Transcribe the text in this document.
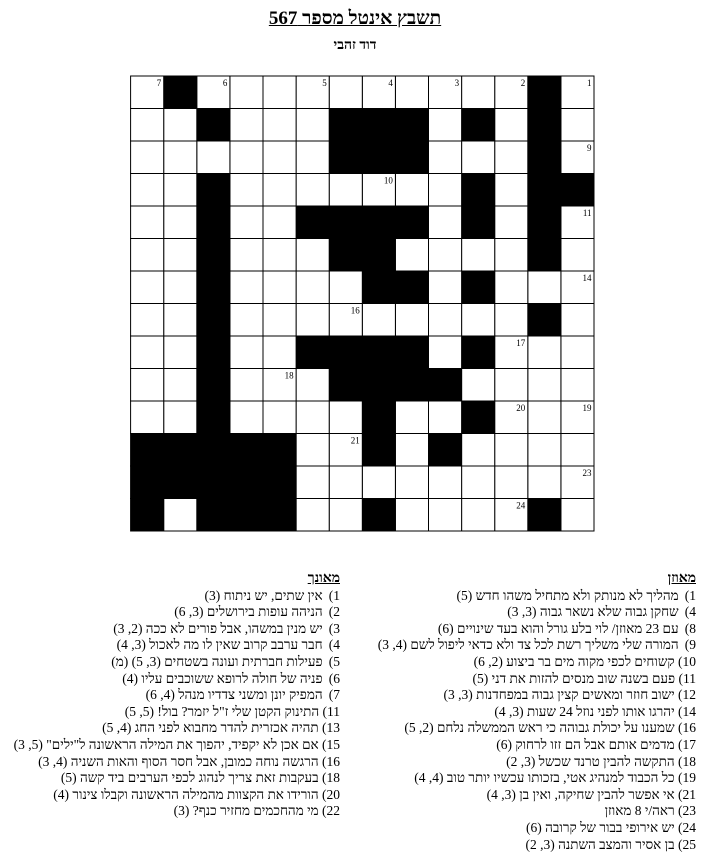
תשבץ אינטל מספר 567
דוד זהבי
1
2
3
4
5
6
7
8
9
10
11
12
13
14
15
16
17
18
19
20
21
22
23
24
25
מאוזן
1) מהליך לא מנותק ולא מתחיל משהו חדש (5)
4) שחקן גבוה שלא נשאר גבוה (3, 3)
8) עם 23 מאוזן/ לוי בלע גורל והוא בעד שינויים (6)
9) המורה שלי משליך רשת לכל צד ולא כדאי ליפול לשם (4, 3)
10) קשוחים לכפי מקוה מים בר ביצוע (2, 6)
11) פעם בשנה שוב מנסים להזות את דני (5)
12) ישוב חוזר ומאשים קצין גבוה במפחדנות (3, 3)
14) יהרגו אותו לפני נוזל 24 שעות (3, 4)
16) שמענו על יכולת גבוהה כי ראש הממשלה נלחם (2, 5)
17) מדמים אותם אבל הם זזו לרחוק (6)
18) התקשה להבין טרנד שכשל (3, 2)
19) כל הכבוד למנהיג אטי, בזכותו עכשיו יותר טוב (4, 4)
21) אי אפשר להבין שחיקה, ואין בן (3, 4)
23) ראה/י 8 מאוזן
24) יש אירופי בבור של קרובה (6)
25) בן אסיר והמצב השתנה (3, 2)
מאונך
1) אין שתים, יש ניתוח (3)
2) הניהה עופות בירושלים (3, 6)
3) יש מנין במשהו, אבל פורים לא ככה (2, 3)
4) חבר ערבב קרוב שאין לו מה לאכול (3, 4)
5) פעילות חברתית ועונה בשטחים (3, 5) (מ)
6) פניה של חולה לרופא ששוכבים עליו (4)
7) המפיק יונן ומשני צדדיו מנהל (4, 6)
11) התינוק הקטן שלי ז"ל יזמר? בול! (5, 5)
13) תהיה אכזרית להדר מחבוא לפני החג (4, 5)
15) אם אכן לא יקפיד, יהפוך את המילה הראשונה ל"ילים" (5, 3)
16) הרגשה נוחה כמובן, אבל חסר הסוף והאות השניה (4, 3)
18) בעקבות זאת צריך לנהוג לכפי הערבים ביד קשה (5)
20) הורידו את הקצוות מהמילה הראשונה וקבלו צינור (4)
22) מי מהחכמים מחזיר כנף? (3)
